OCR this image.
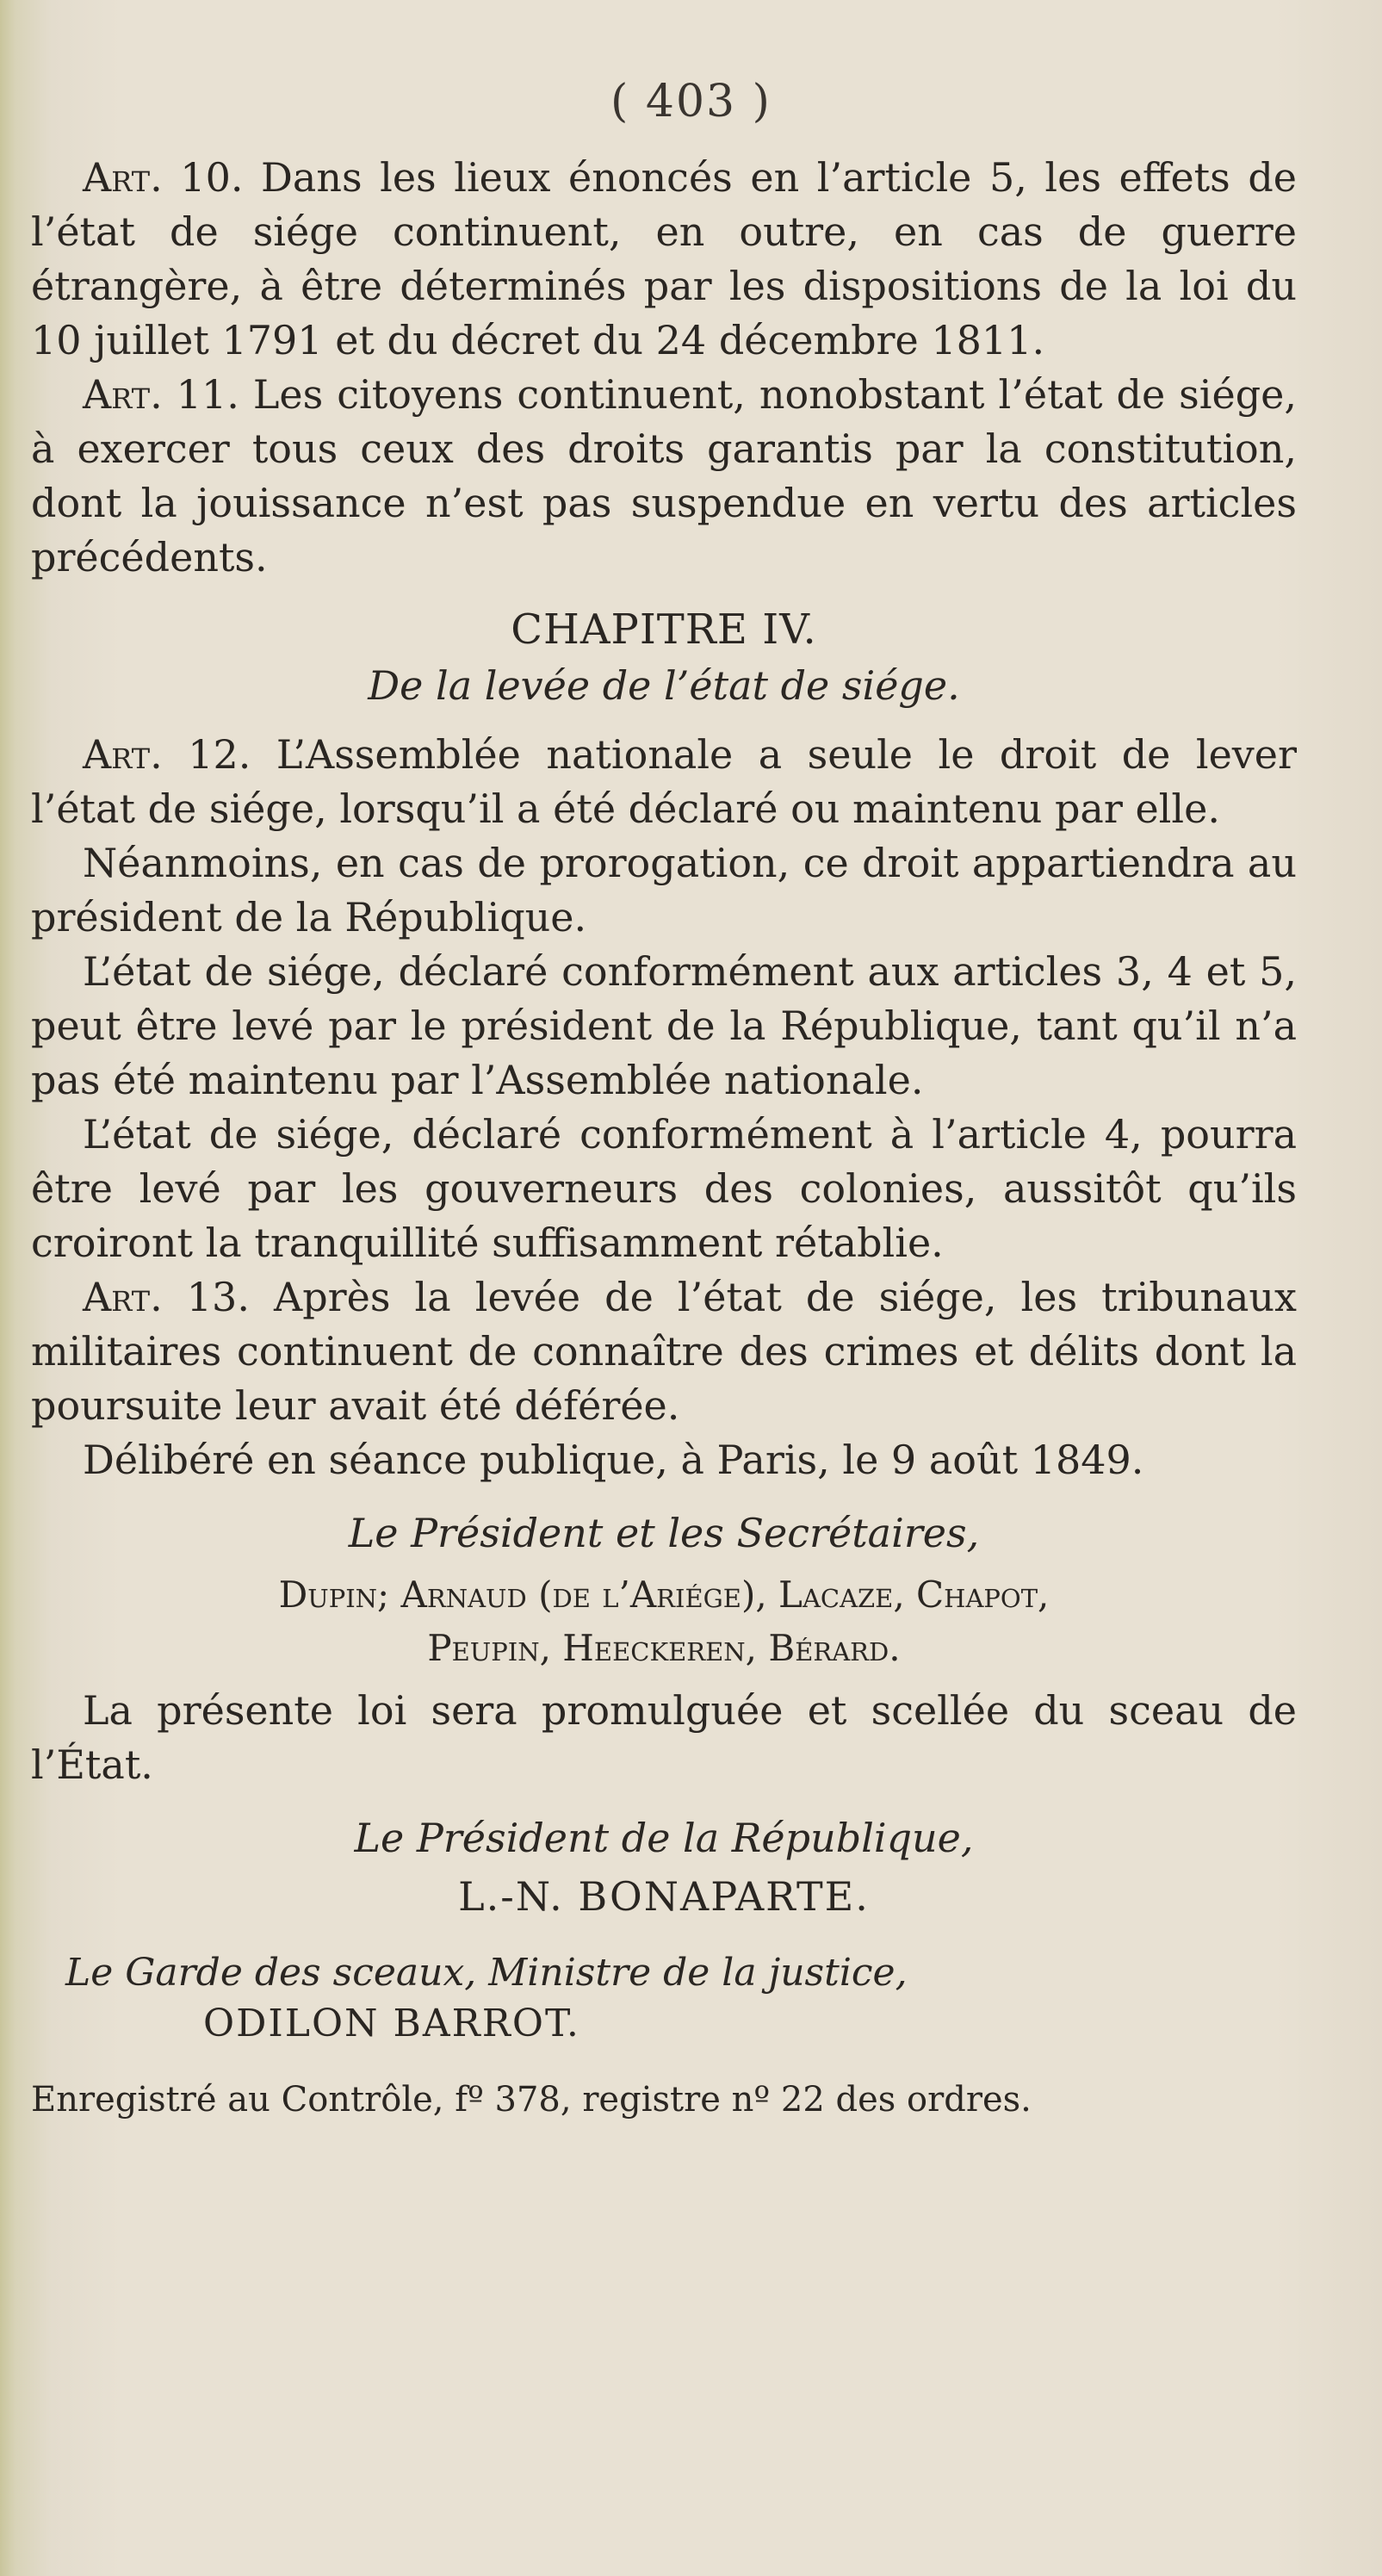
( 403 )

Art. 10. Dans les lieux énoncés en l’article 5, les effets de l’état de siége continuent, en outre, en cas de guerre étrangère, à être déterminés par les dispositions de la loi du 10 juillet 1791 et du décret du 24 décembre 1811.

Art. 11. Les citoyens continuent, nonobstant l’état de siége, à exercer tous ceux des droits garantis par la constitution, dont la jouissance n’est pas suspendue en vertu des articles précédents.

CHAPITRE IV.
De la levée de l’état de siége.

Art. 12. L’Assemblée nationale a seule le droit de lever l’état de siége, lorsqu’il a été déclaré ou maintenu par elle.

Néanmoins, en cas de prorogation, ce droit appartiendra au président de la République.

L’état de siége, déclaré conformément aux articles 3, 4 et 5, peut être levé par le président de la République, tant qu’il n’a pas été maintenu par l’Assemblée nationale.

L’état de siége, déclaré conformément à l’article 4, pourra être levé par les gouverneurs des colonies, aussitôt qu’ils croiront la tranquillité suffisamment rétablie.

Art. 13. Après la levée de l’état de siége, les tribunaux militaires continuent de connaître des crimes et délits dont la poursuite leur avait été déférée.

Délibéré en séance publique, à Paris, le 9 août 1849.

Le Président et les Secrétaires,

Dupin; Arnaud (de l’Ariége), Lacaze, Chapot,

Peupin, Heeckeren, Bérard.

La présente loi sera promulguée et scellée du sceau de l’État.

Le Président de la République,
L.-N. BONAPARTE.

Le Garde des sceaux, Ministre de la justice,

ODILON BARROT.

Enregistré au Contrôle, fº 378, registre nº 22 des ordres.
